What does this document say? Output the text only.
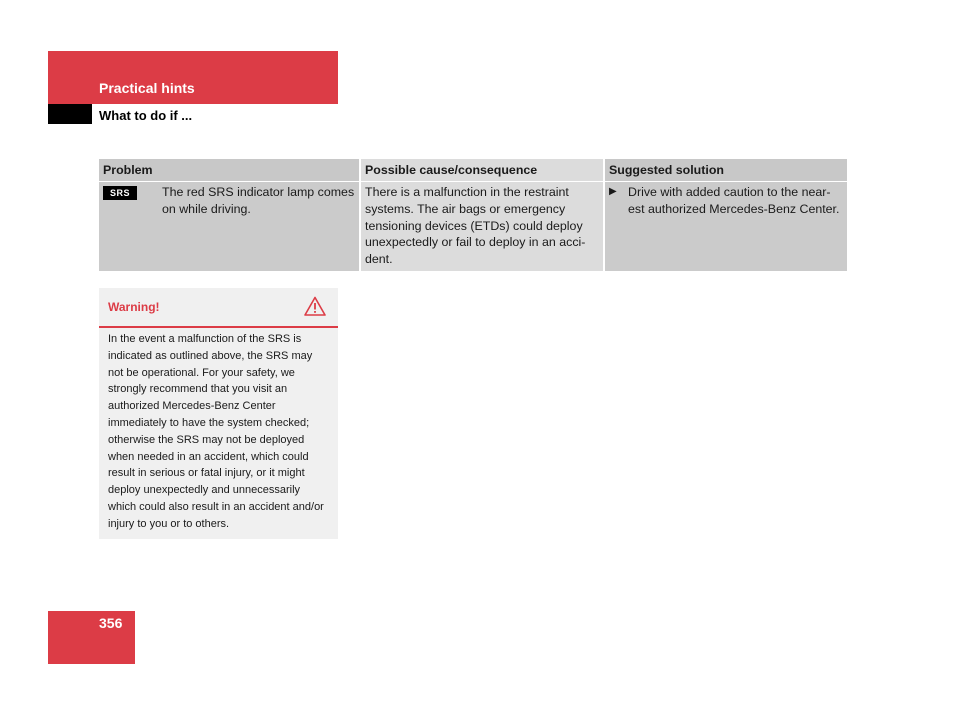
Practical hints
What to do if ...
Problem	Possible cause/consequence	Suggested solution

SRS The red SRS indicator lamp comes on while driving.	There is a malfunction in the restraint systems. The air bags or emergency tensioning devices (ETDs) could deploy unexpectedly or fail to deploy in an acci-dent.	▶ Drive with added caution to the near-est authorized Mercedes-Benz Center.
Warning!
In the event a malfunction of the SRS is indicated as outlined above, the SRS may not be operational. For your safety, we strongly recommend that you visit an authorized Mercedes-Benz Center immediately to have the system checked; otherwise the SRS may not be deployed when needed in an accident, which could result in serious or fatal injury, or it might deploy unexpectedly and unnecessarily which could also result in an accident and/or injury to you or to others.
356
